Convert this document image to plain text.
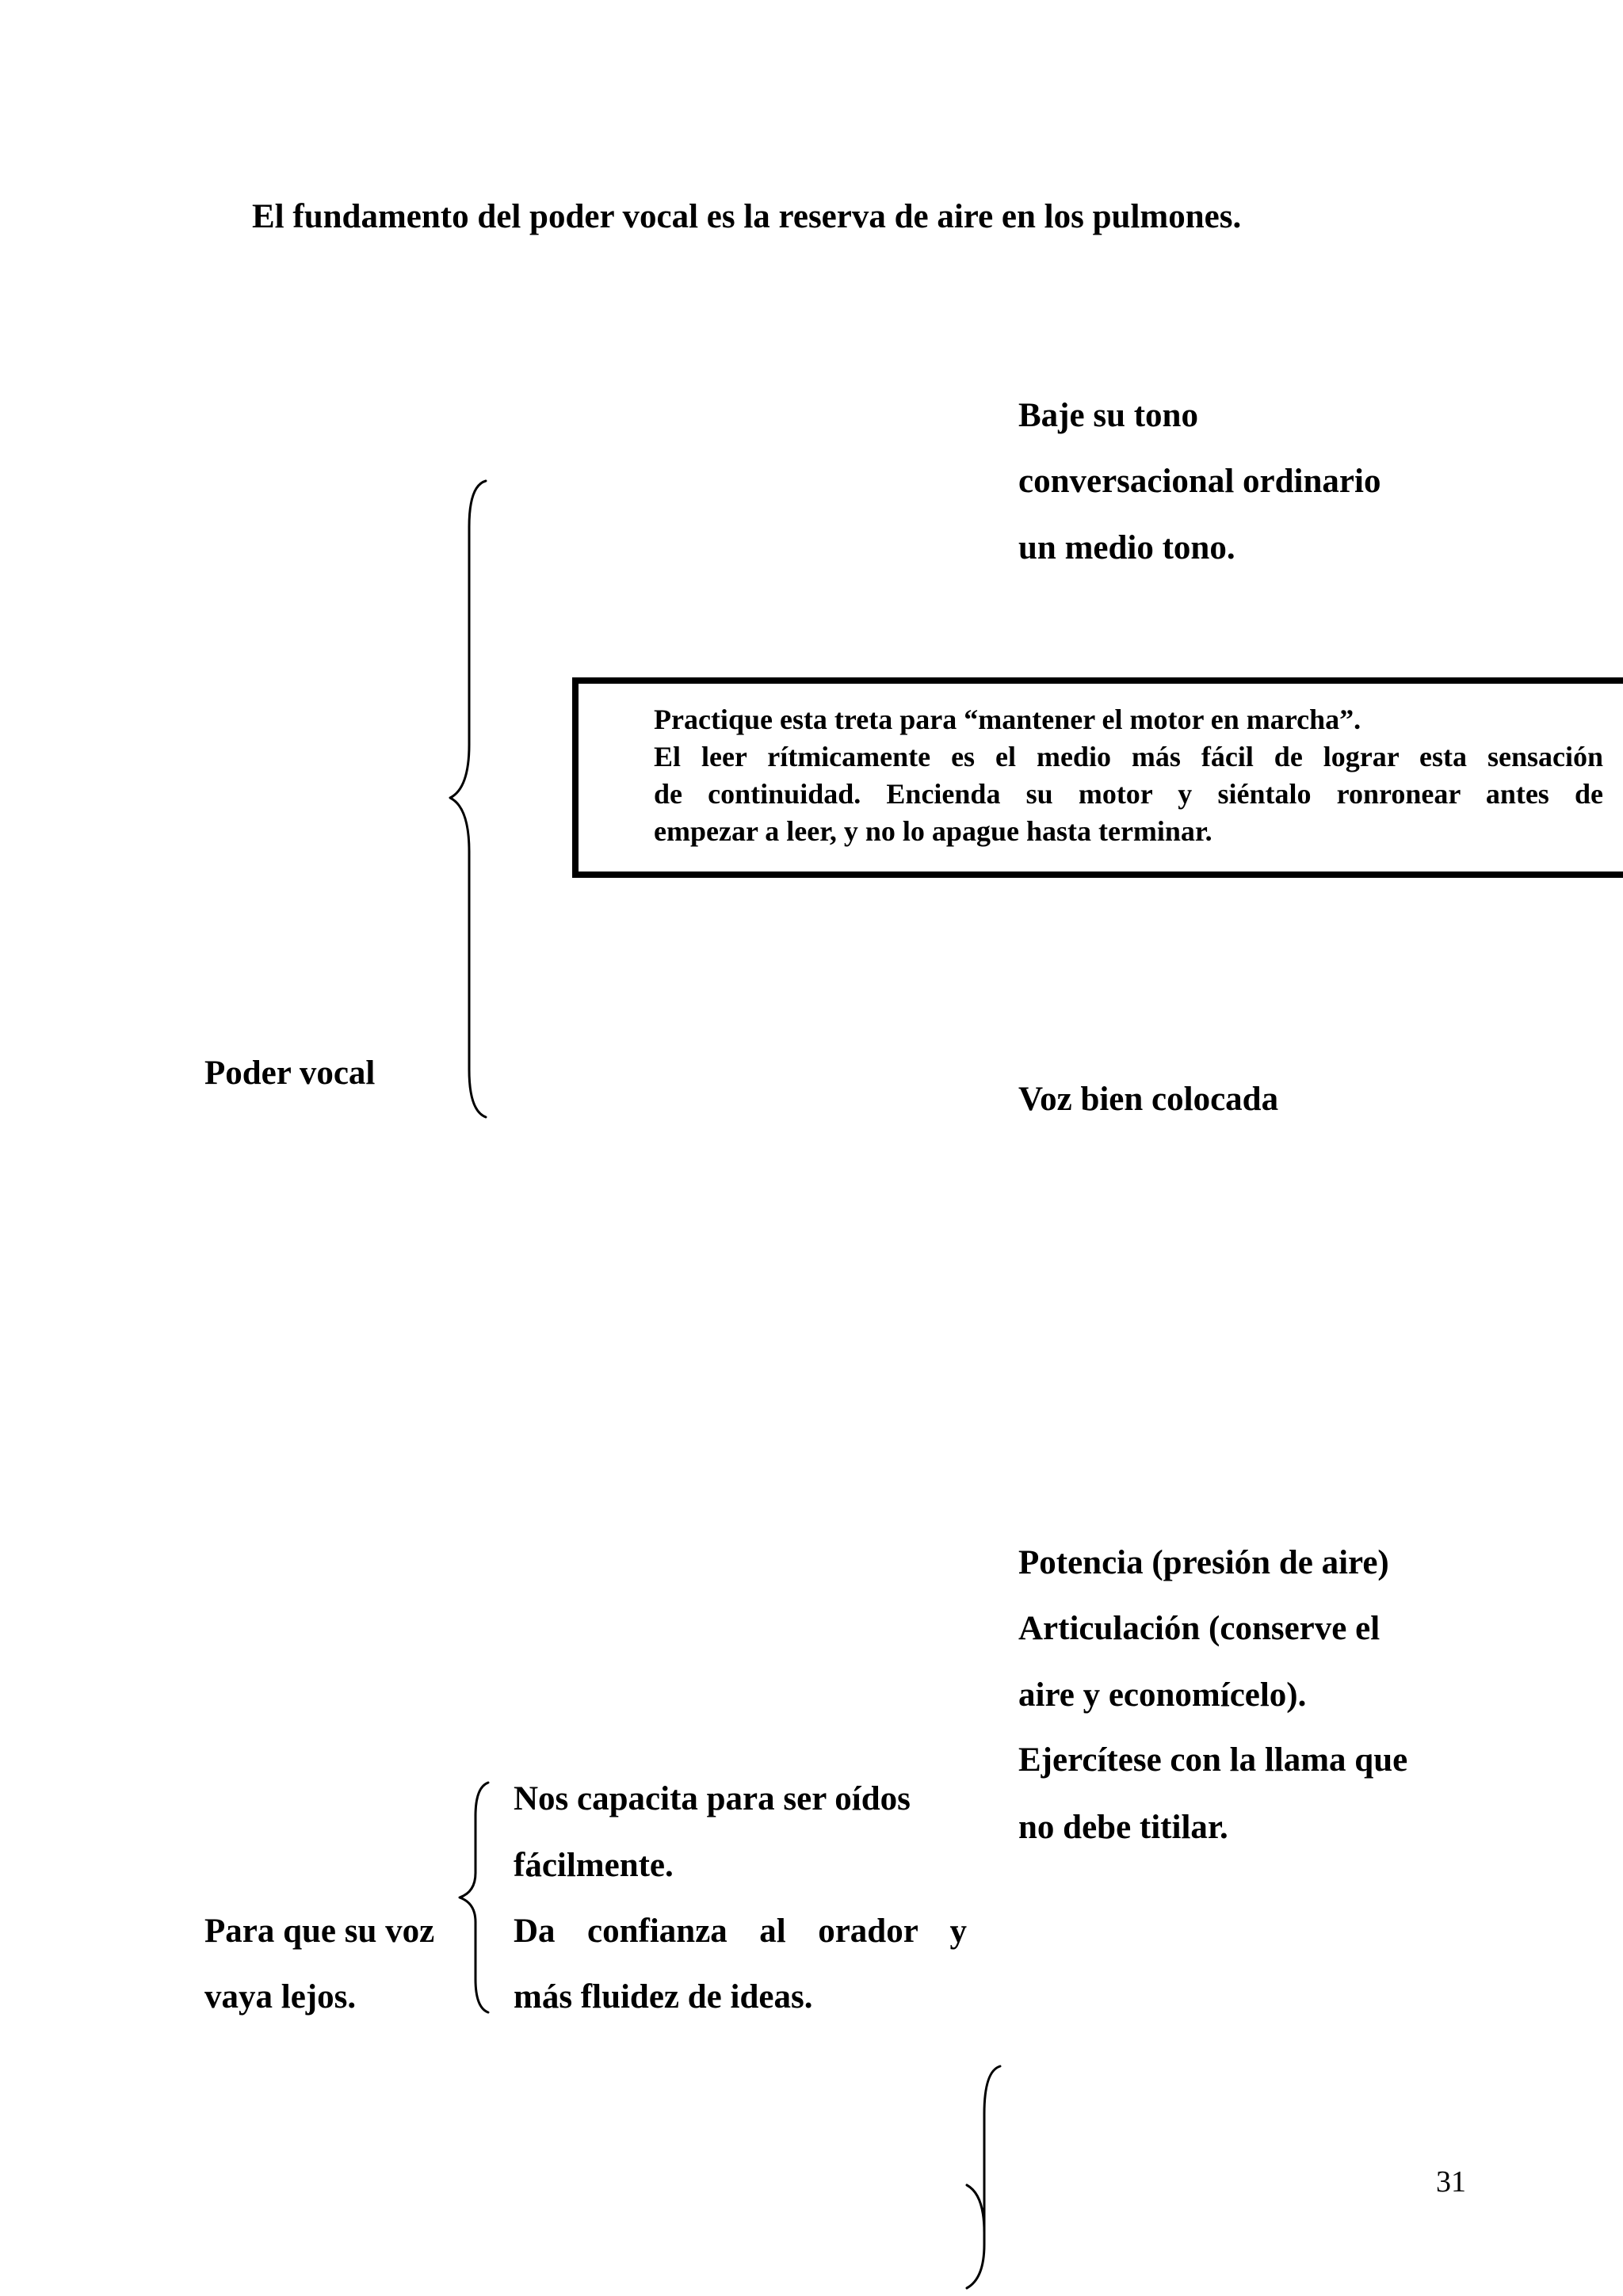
El fundamento del poder vocal es la reserva de aire en los pulmones.
Baje su tono
conversacional ordinario
un medio tono.
Practique esta treta para “mantener el motor en marcha”.
El leer rítmicamente es el medio más fácil de lograr esta sensación
de continuidad. Encienda su motor y siéntalo ronronear antes de
empezar a leer, y no lo apague hasta terminar.
Poder vocal
Voz bien colocada
Potencia (presión de aire)
Articulación (conserve el
aire y economícelo).
Ejercítese con la llama que
no debe titilar.
Nos capacita para ser oídos
fácilmente.
Da confianza al orador y
más fluidez de ideas.
Para que su voz
vaya lejos.
31
